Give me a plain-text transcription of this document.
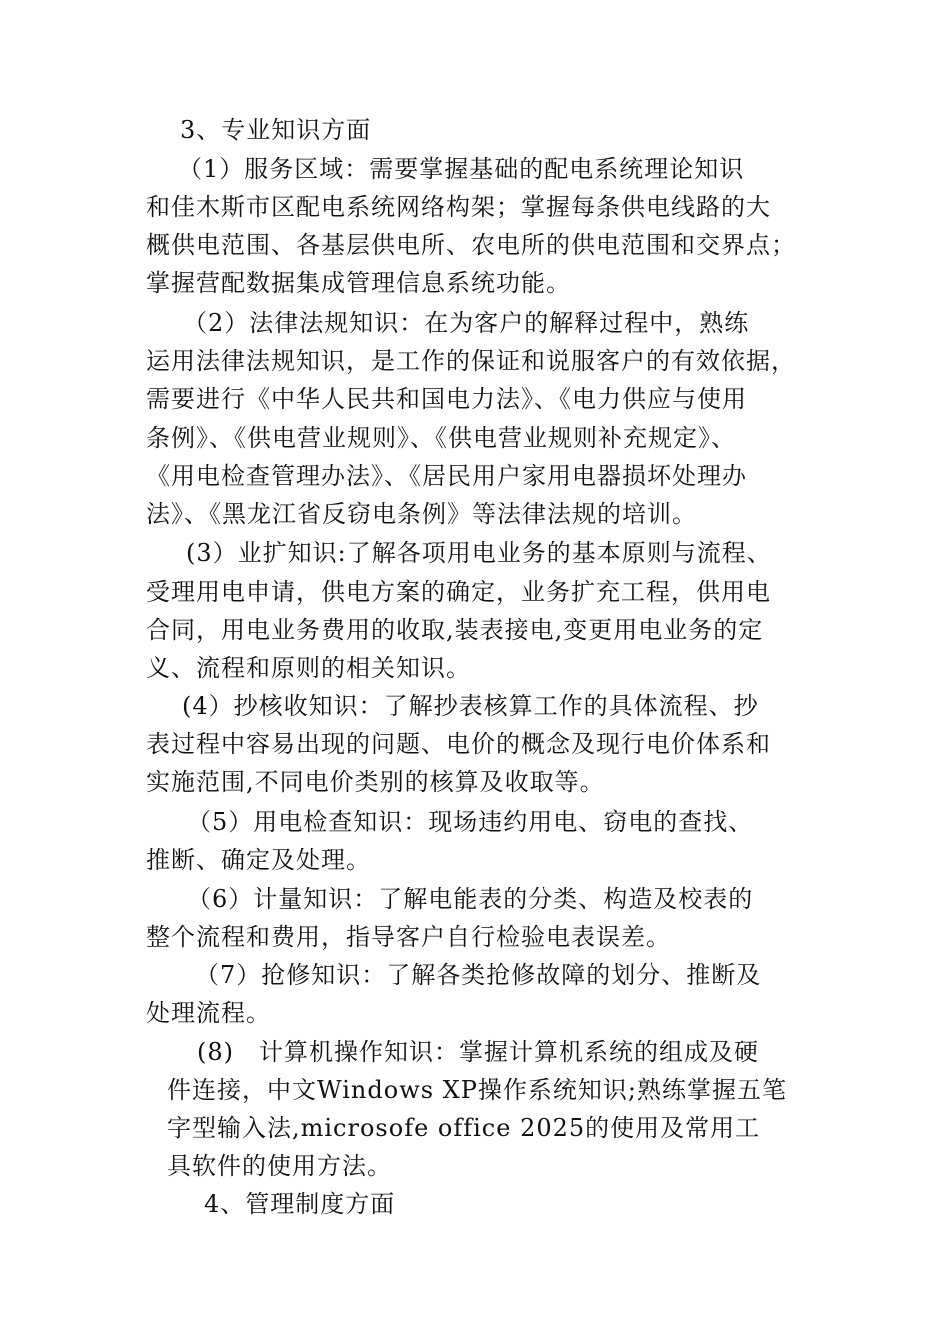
3、专业知识方面
（1）服务区域：需要掌握基础的配电系统理论知识
和佳木斯市区配电系统网络构架；掌握每条供电线路的大
概供电范围、各基层供电所、农电所的供电范围和交界点；
掌握营配数据集成管理信息系统功能。
（2）法律法规知识：在为客户的解释过程中，熟练
运用法律法规知识，是工作的保证和说服客户的有效依据，
需要进行《中华人民共和国电力法》、《电力供应与使用
条例》、《供电营业规则》、《供电营业规则补充规定》、
《用电检查管理办法》、《居民用户家用电器损坏处理办
法》、《黑龙江省反窃电条例》等法律法规的培训。
(3）业扩知识:了解各项用电业务的基本原则与流程、
受理用电申请，供电方案的确定，业务扩充工程，供用电
合同，用电业务费用的收取,装表接电,变更用电业务的定
义、流程和原则的相关知识。
(4）抄核收知识：了解抄表核算工作的具体流程、抄
表过程中容易出现的问题、电价的概念及现行电价体系和
实施范围,不同电价类别的核算及收取等。
（5）用电检查知识：现场违约用电、窃电的查找、
推断、确定及处理。
（6）计量知识：了解电能表的分类、构造及校表的
整个流程和费用，指导客户自行检验电表误差。
（7）抢修知识：了解各类抢修故障的划分、推断及
处理流程。
(8)　计算机操作知识：掌握计算机系统的组成及硬
件连接，中文Windows XP操作系统知识;熟练掌握五笔
字型输入法,microsofe office 2025的使用及常用工
具软件的使用方法。
4、管理制度方面
